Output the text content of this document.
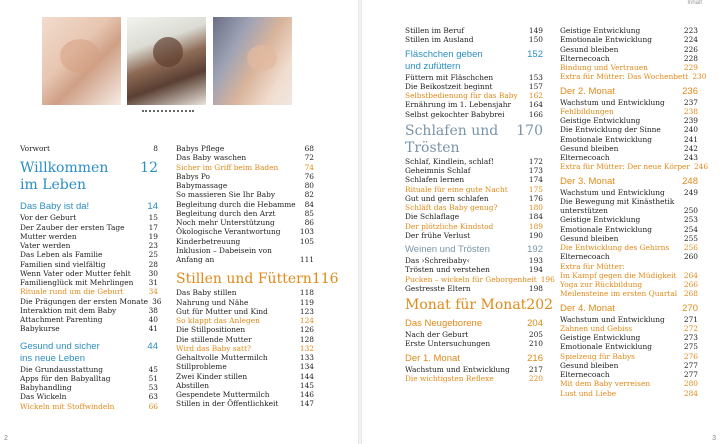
Vorwort	8
Willkommen
im Leben
12
Das Baby ist da!	14
Vor der Geburt	15
Der Zauber der ersten Tage	17
Mutter werden	19
Vater werden	23
Das Leben als Familie	25
Familien sind vielfältig	28
Wenn Vater oder Mutter fehlt 30
Familienglück mit Mehrlingen 31
Rituale rund um die Geburt	34
Die Prägungen der ersten Monate 36
Interaktion mit dem Baby	38
Attachment Parenting	40
Babykurse	41
Gesund und sicher
ins neue Leben
44
Die Grundausstattung	45
Apps für den Babyalltag	51
Babyhandling	53
Das Wickeln	63
Wickeln mit Stoffwindeln	66
Babys Pflege	68
Das Baby waschen	72
Sicher im Griff beim Baden	74
Babys Po	76
Babymassage	80
So massieren Sie Ihr Baby	82
Begleitung durch die Hebamme 84
Begleitung durch den Arzt	85
Noch mehr Unterstützung	86
Ökologische Verantwortung	103
Kinderbetreuung	105
Inklusion – Dabeisein von
Anfang an	111
Stillen und Füttern 116
Das Baby stillen	118
Nahrung und Nähe	119
Gut für Mutter und Kind	123
So klappt das Anlegen	124
Die Stillpositionen	126
Die stillende Mutter	128
Wird das Baby satt?	132
Gehaltvolle Muttermilch	133
Stillprobleme	134
Zwei Kinder stillen	144
Abstillen	145
Gespendete Muttermilch	146
Stillen in der Öffentlichkeit	147
2
Inhalt
Stillen im Beruf	149
Stillen im Ausland	150
Fläschchen geben
und zufüttern
152
Füttern mit Fläschchen	153
Die Beikostzeit beginnt	157
Selbstbedienung für das Baby 162
Ernährung im 1. Lebensjahr 164
Selbst gekochter Babybrei	166
Schlafen und
Trösten
170
Schlaf, Kindlein, schlaf!	172
Geheimnis Schlaf	173
Schlafen lernen	174
Rituale für eine gute Nacht	175
Gut und gern schlafen	176
Schläft das Baby genug?	180
Die Schlaflage	184
Der plötzliche Kindstod	189
Der frühe Verlust	190
Weinen und Trösten	192
Das ›Schreibaby‹	193
Trösten und verstehen	194
Pucken – wickeln für Geborgenheit 196
Gestresste Eltern	198
Monat für Monat 202
Das Neugeborene	204
Nach der Geburt	205
Erste Untersuchungen	210
Der 1. Monat	216
Wachstum und Entwicklung	217
Die wichtigsten Reflexe	220
Geistige Entwicklung	223
Emotionale Entwicklung	224
Gesund bleiben	226
Elternecoach	228
Bindung und Vertrauen	229
Extra für Mütter: Das Wochenbett 230
Der 2. Monat	236
Wachstum und Entwicklung	237
Fehlbildungen	238
Geistige Entwicklung	239
Die Entwicklung der Sinne	240
Emotionale Entwicklung	241
Gesund bleiben	242
Elternecoach	243
Extra für Mütter: Der neue Körper 246
Der 3. Monat	248
Wachstum und Entwicklung	249
Die Bewegung mit Kinästhetik
unterstützen	250
Geistige Entwicklung	253
Emotionale Entwicklung	254
Gesund bleiben	255
Die Entwicklung des Gehirns 256
Elternecoach	260
Extra für Mütter:
Im Kampf gegen die Müdigkeit 264
Yoga zur Rückbildung	266
Meilensteine im ersten Quartal 268
Der 4. Monat	270
Wachstum und Entwicklung	271
Zahnen und Gebiss	272
Geistige Entwicklung	273
Emotionale Entwicklung	275
Spielzeug für Babys	276
Gesund bleiben	277
Elternecoach	277
Mit dem Baby verreisen	280
Lust und Liebe	284
3
